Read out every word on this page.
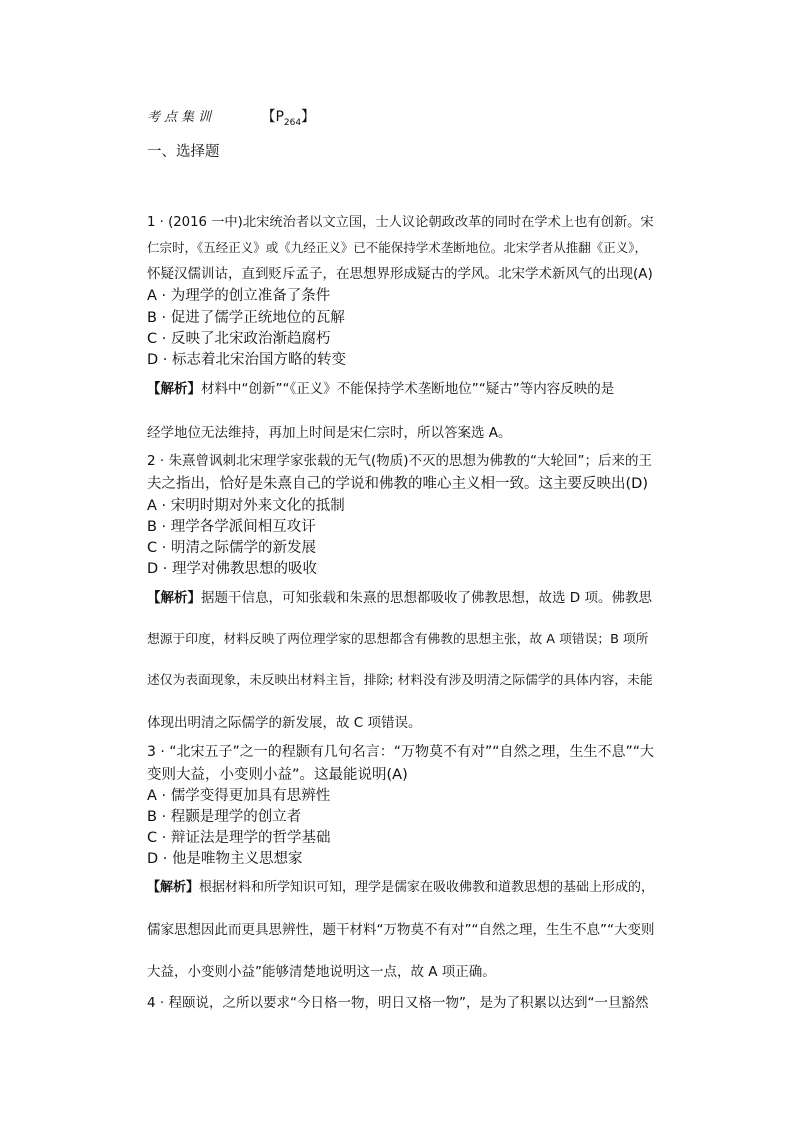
考点集训	【$P_{264}$】
一、选择题
1 · (2016 一中)北宋统治者以文立国，士人议论朝政改革的同时在学术上也有创新。宋
仁宗时，《五经正义》或《九经正义》已不能保持学术垄断地位。北宋学者从推翻《正义》，
怀疑汉儒训诂，直到贬斥孟子，在思想界形成疑古的学风。北宋学术新风气的出现(A)
A · 为理学的创立准备了条件
B · 促进了儒学正统地位的瓦解
C · 反映了北宋政治渐趋腐朽
D · 标志着北宋治国方略的转变
【解析】材料中“创新”“《正义》不能保持学术垄断地位”“疑古”等内容反映的是
经学地位无法维持，再加上时间是宋仁宗时，所以答案选 A。
2 · 朱熹曾讽刺北宋理学家张载的无气(物质)不灭的思想为佛教的“大轮回”；后来的王
夫之指出，恰好是朱熹自己的学说和佛教的唯心主义相一致。这主要反映出(D)
A · 宋明时期对外来文化的抵制
B · 理学各学派间相互攻讦
C · 明清之际儒学的新发展
D · 理学对佛教思想的吸收
【解析】据题干信息，可知张载和朱熹的思想都吸收了佛教思想，故选 D 项。佛教思
想源于印度，材料反映了两位理学家的思想都含有佛教的思想主张，故 A 项错误；B 项所
述仅为表面现象，未反映出材料主旨，排除; 材料没有涉及明清之际儒学的具体内容，未能
体现出明清之际儒学的新发展，故 C 项错误。
3 · “北宋五子”之一的程颢有几句名言：“万物莫不有对”“自然之理，生生不息”“大
变则大益，小变则小益”。这最能说明(A)
A · 儒学变得更加具有思辨性
B · 程颢是理学的创立者
C · 辩证法是理学的哲学基础
D · 他是唯物主义思想家
【解析】根据材料和所学知识可知，理学是儒家在吸收佛教和道教思想的基础上形成的，
儒家思想因此而更具思辨性，题干材料“万物莫不有对”“自然之理，生生不息”“大变则
大益，小变则小益”能够清楚地说明这一点，故 A 项正确。
4 · 程颐说，之所以要求“今日格一物，明日又格一物”，是为了积累以达到“一旦豁然
